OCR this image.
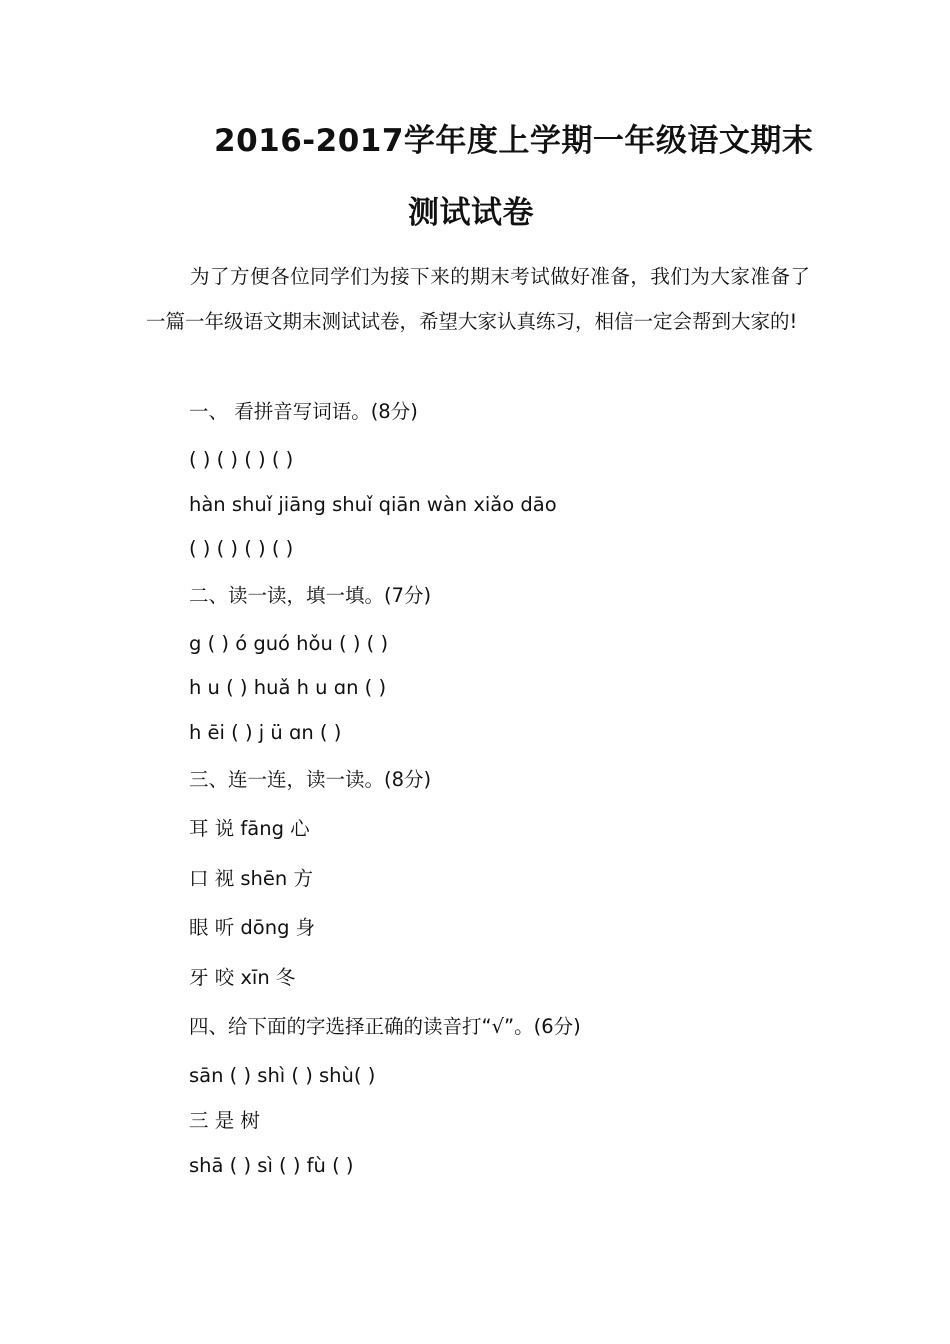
2016-2017学年度上学期一年级语文期末
测试试卷
为了方便各位同学们为接下来的期末考试做好准备，我们为大家准备了一篇一年级语文期末测试试卷，希望大家认真练习，相信一定会帮到大家的!
一、 看拼音写词语。(8分)
( ) ( ) ( ) ( )
hàn shuǐ jiāng shuǐ qiān wàn xiǎo dāo
( ) ( ) ( ) ( )
二、读一读，填一填。(7分)
g ( ) ó guó hǒu ( ) ( )
h u ( ) huǎ h u ɑn ( )
h ēi ( ) j ü ɑn ( )
三、连一连，读一读。(8分)
耳 说 fāng 心
口 视 shēn 方
眼 听 dōng 身
牙 咬 xīn 冬
四、给下面的字选择正确的读音打“√”。(6分)
sān ( ) shì ( ) shù( )
三 是 树
shā ( ) sì ( ) fù ( )
